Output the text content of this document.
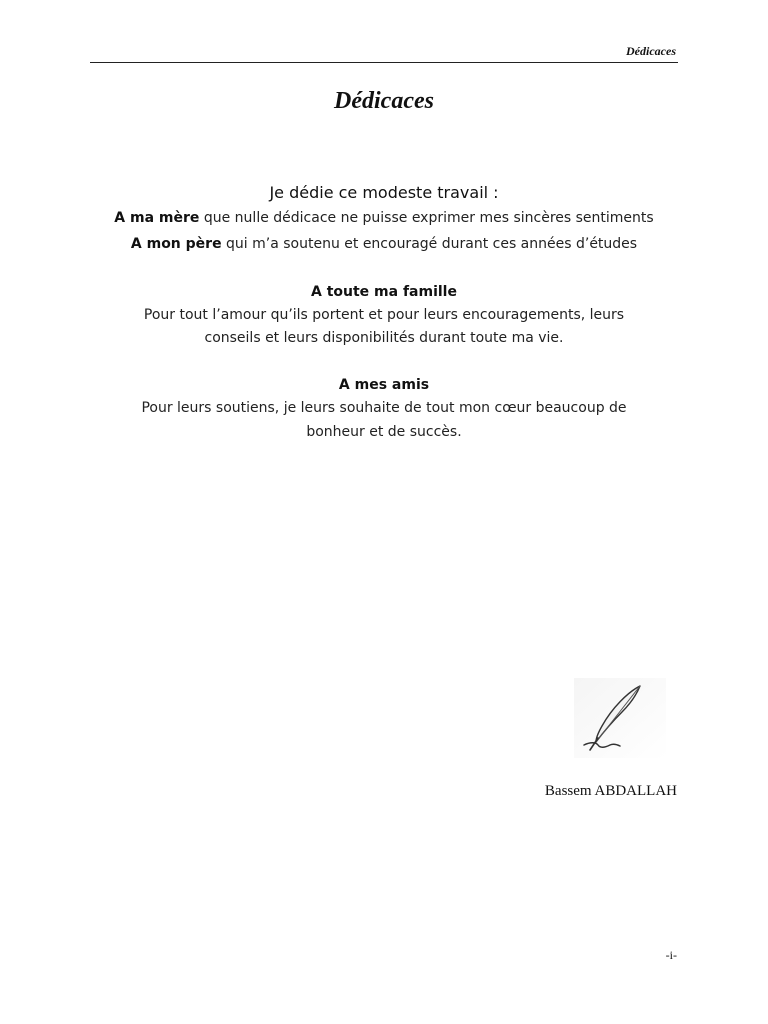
Dédicaces
Dédicaces
Je dédie ce modeste travail :
A ma mère que nulle dédicace ne puisse exprimer mes sincères sentiments
A mon père qui m’a soutenu et encouragé durant ces années d’études
A toute ma famille
Pour tout l’amour qu’ils portent et pour leurs encouragements, leurs
conseils et leurs disponibilités durant toute ma vie.
A mes amis
Pour leurs soutiens, je leurs souhaite de tout mon cœur beaucoup de
bonheur et de succès.
Bassem ABDALLAH
-i-
